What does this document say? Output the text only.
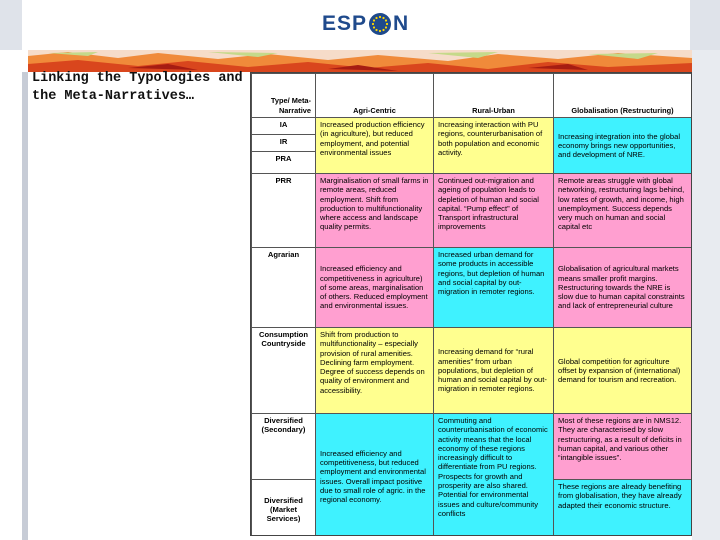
ESP N
Linking the Typologies and the Meta-Narratives…	Type/ Meta-Narrative	Agri-Centric	Rural-Urban	Globalisation (Restructuring)
IA	Increased production efficiency (in agriculture), but reduced employment, and potential environmental issues	Increasing interaction with PU regions, counterurbanisation of both population and economic activity.	Increasing integration into the global economy brings new opportunities, and development of NRE.
IR			
PRA			
PRR	Marginalisation of small farms in remote areas, reduced employment. Shift from production to multifunctionality where access and landscape quality permits.	Continued out-migration and ageing of population leads to depletion of human and social capital. “Pump effect” of Transport infrastructural improvements	Remote areas struggle with global networking, restructuring lags behind, low rates of growth, and income, high unemployment. Success depends very much on human and social capital etc
Agrarian	Increased efficiency and competitiveness in agriculture) of some areas, marginalisation of others. Reduced employment and environmental issues.	Increased urban demand for some products in accessible regions, but depletion of human and social capital by out-migration in remoter regions.	Globalisation of agricultural markets means smaller profit margins. Restructuring towards the NRE is slow due to human capital constraints and lack of entrepreneurial culture
Consumption Countryside	Shift from production to multifunctionality – especially provision of rural amenities. Declining farm employment. Degree of success depends on quality of environment and accessibility.	Increasing demand for “rural amenities” from urban populations, but depletion of human and social capital by out-migration in remoter regions.	Global competition for agriculture offset by expansion of (international) demand for tourism and recreation.
Diversified (Secondary)	Increased efficiency and competitiveness, but reduced employment and environmental issues. Overall impact positive due to small role of agric. in the regional economy.	Commuting and counterurbanisation of economic activity means that the local economy of these regions increasingly difficult to differentiate from PU regions. Prospects for growth and prosperity are also shared. Potential for environmental issues and culture/community conflicts	Most of these regions are in NMS12. They are characterised by slow restructuring, as a result of deficits in human capital, and various other “intangible issues”.
Diversified (Market Services)			These regions are already benefiting from globalisation, they have already adapted their economic structure.
